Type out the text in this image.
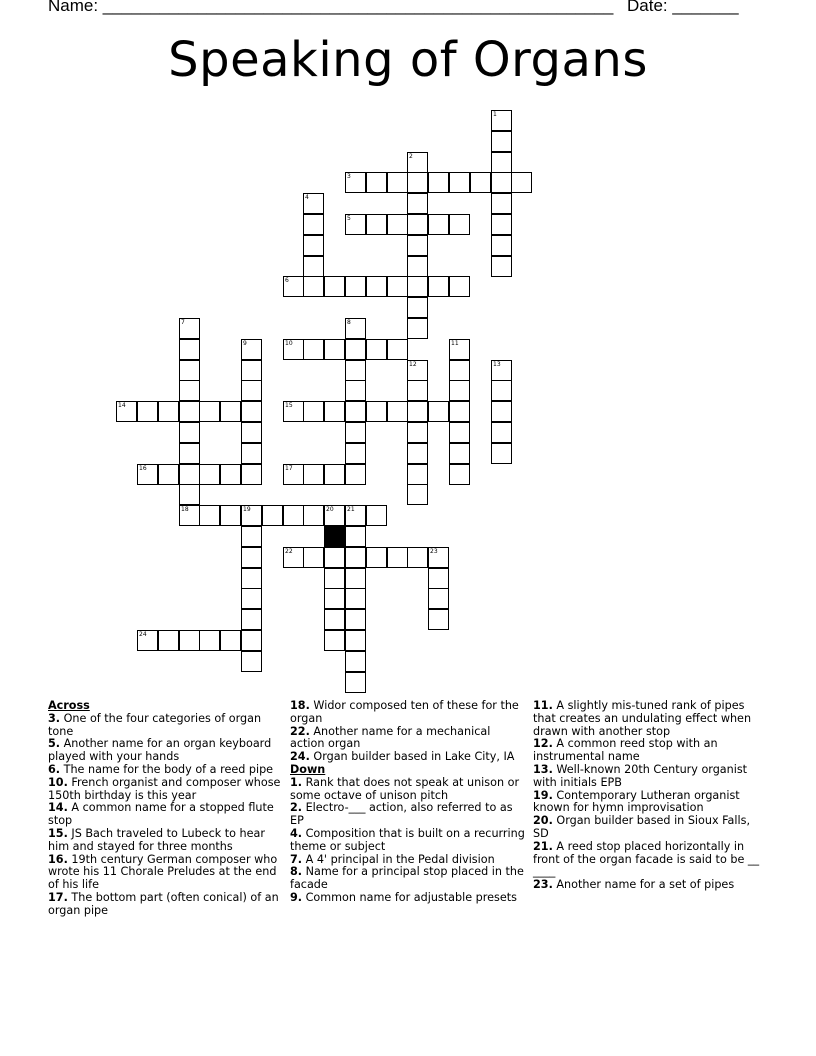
Name: ______________________________________________________ Date: _______
Speaking of Organs
1
2
3
4
5
6
7	8
9	10	11
12	13
14	15
16	17
18	19	20 21
22	23
24
Across
3. One of the four categories of organ tone
5. Another name for an organ keyboard played with your hands
6. The name for the body of a reed pipe
10. French organist and composer whose 150th birthday is this year
14. A common name for a stopped flute stop
15. JS Bach traveled to Lubeck to hear him and stayed for three months
16. 19th century German composer who wrote his 11 Chorale Preludes at the end of his life
17. The bottom part (often conical) of an organ pipe
18. Widor composed ten of these for the organ
22. Another name for a mechanical action organ
24. Organ builder based in Lake City, IA
Down
1. Rank that does not speak at unison or some octave of unison pitch
2. Electro-___ action, also referred to as EP
4. Composition that is built on a recurring theme or subject
7. A 4' principal in the Pedal division
8. Name for a principal stop placed in the facade
9. Common name for adjustable presets
11. A slightly mis-tuned rank of pipes that creates an undulating effect when drawn with another stop
12. A common reed stop with an instrumental name
13. Well-known 20th Century organist with initials EPB
19. Contemporary Lutheran organist known for hymn improvisation
20. Organ builder based in Sioux Falls, SD
21. A reed stop placed horizontally in front of the organ facade is said to be __ ____
23. Another name for a set of pipes
